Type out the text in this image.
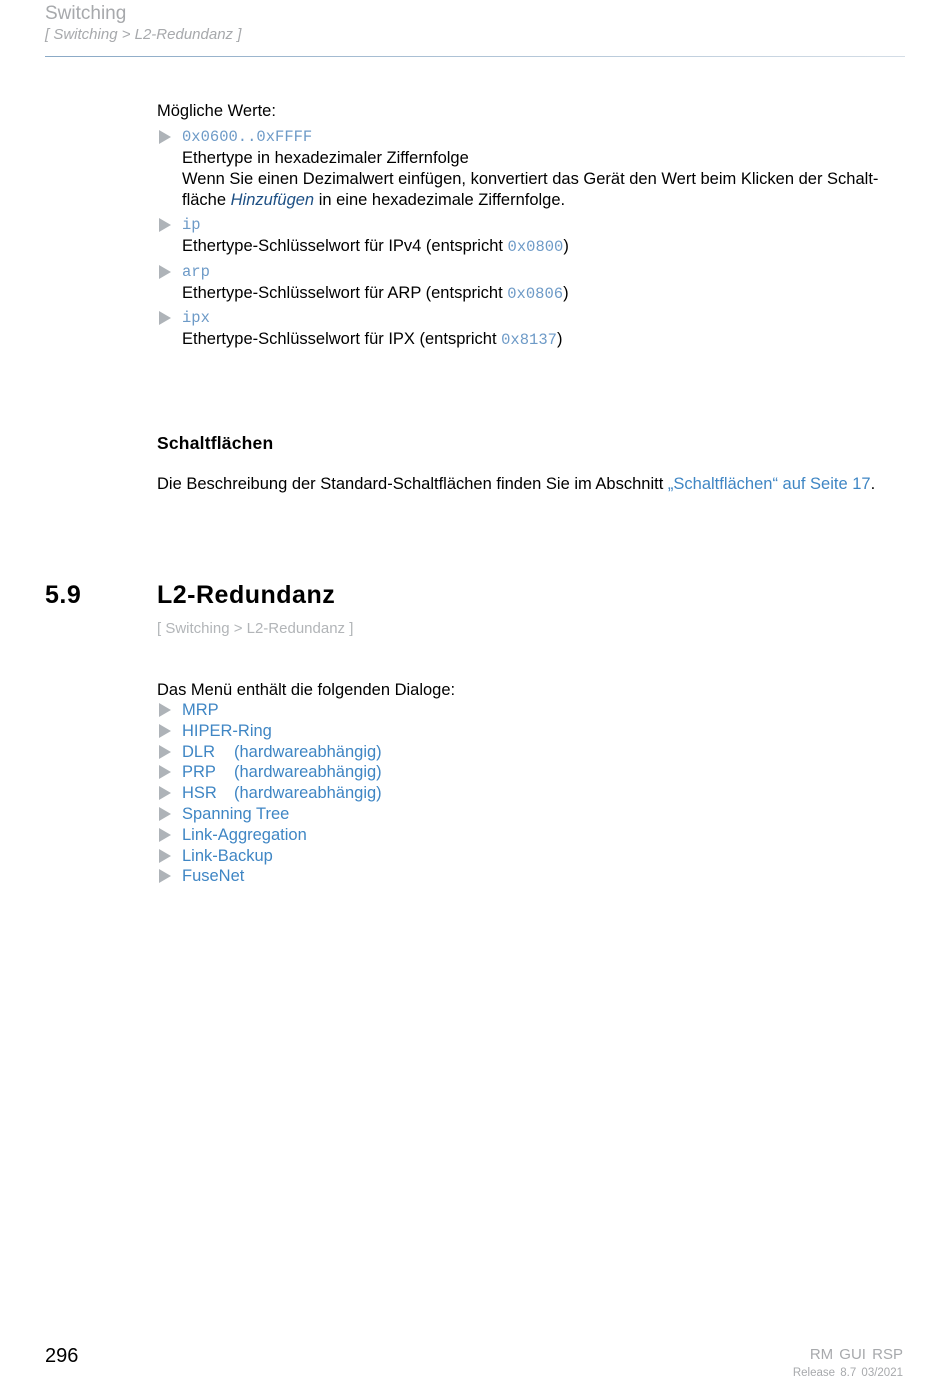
Switching
[ Switching > L2-Redundanz ]
Mögliche Werte:
0x0600..0xFFFF
Ethertype in hexadezimaler Ziffernfolge
Wenn Sie einen Dezimalwert einfügen, konvertiert das Gerät den Wert beim Klicken der Schalt-
fläche Hinzufügen in eine hexadezimale Ziffernfolge.
ip
Ethertype-Schlüsselwort für IPv4 (entspricht 0x0800)
arp
Ethertype-Schlüsselwort für ARP (entspricht 0x0806)
ipx
Ethertype-Schlüsselwort für IPX (entspricht 0x8137)
Schaltflächen
Die Beschreibung der Standard-Schaltflächen finden Sie im Abschnitt „Schaltflächen“ auf Seite 17.
5.9	L2-Redundanz
[ Switching > L2-Redundanz ]
Das Menü enthält die folgenden Dialoge:
MRP
HIPER-Ring
DLR (hardwareabhängig)
PRP (hardwareabhängig)
HSR (hardwareabhängig)
Spanning Tree
Link-Aggregation
Link-Backup
FuseNet
296	RM GUI RSP
Release 8.7 03/2021
